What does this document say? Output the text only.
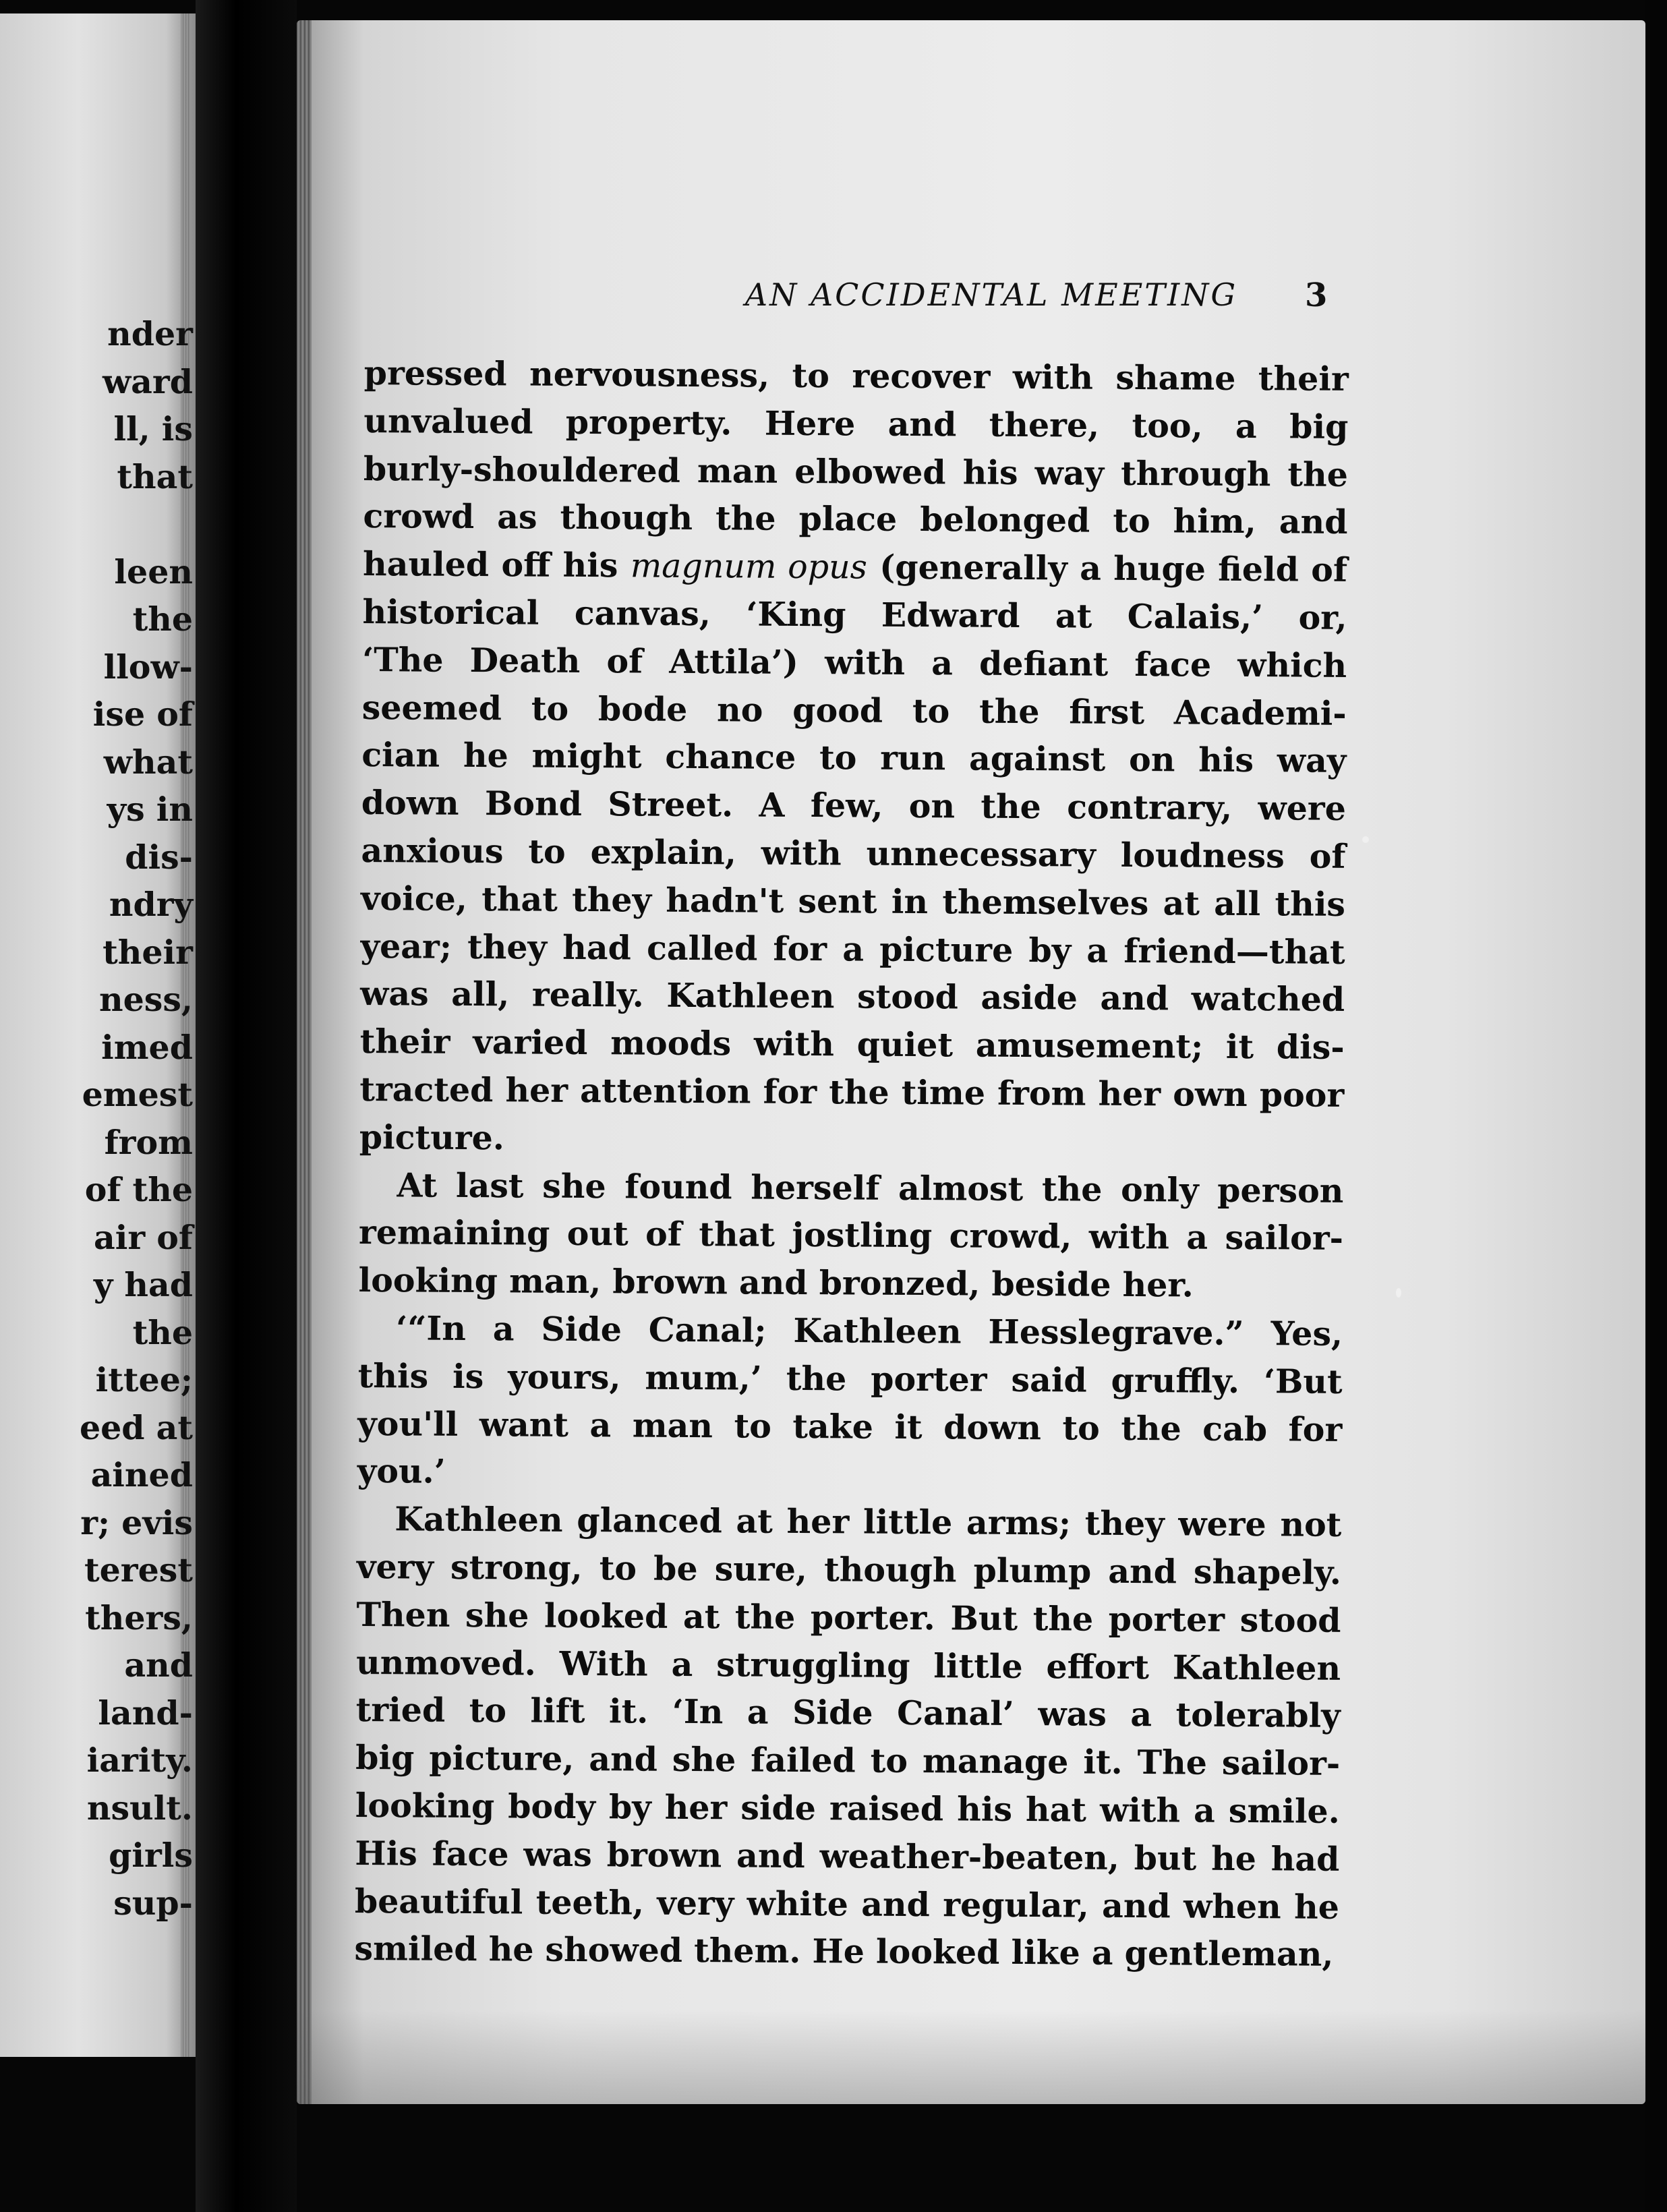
nder
ward
ll, is
that

leen
the
llow-
ise of
what
ys in
dis-
ndry
their
ness,
imed
emest
from
of the
air of
y had
the
ittee;
eed at
ained
r; evis
terest
thers,
and
land-
iarity.
nsult.
girls
sup-
AN ACCIDENTAL MEETING	3
pressed nervousness, to recover with shame their
unvalued property. Here and there, too, a big
burly-shouldered man elbowed his way through the
crowd as though the place belonged to him, and
hauled off his magnum opus (generally a huge field of
historical canvas, ‘King Edward at Calais,’ or,
‘The Death of Attila’) with a defiant face which
seemed to bode no good to the first Academi-
cian he might chance to run against on his way
down Bond Street. A few, on the contrary, were
anxious to explain, with unnecessary loudness of
voice, that they hadn't sent in themselves at all this
year; they had called for a picture by a friend—that
was all, really. Kathleen stood aside and watched
their varied moods with quiet amusement; it dis-
tracted her attention for the time from her own poor
picture.
At last she found herself almost the only person
remaining out of that jostling crowd, with a sailor-
looking man, brown and bronzed, beside her.
‘“In a Side Canal; Kathleen Hesslegrave.” Yes,
this is yours, mum,’ the porter said gruffly. ‘But
you'll want a man to take it down to the cab for
you.’
Kathleen glanced at her little arms; they were not
very strong, to be sure, though plump and shapely.
Then she looked at the porter. But the porter stood
unmoved. With a struggling little effort Kathleen
tried to lift it. ‘In a Side Canal’ was a tolerably
big picture, and she failed to manage it. The sailor-
looking body by her side raised his hat with a smile.
His face was brown and weather-beaten, but he had
beautiful teeth, very white and regular, and when he
smiled he showed them. He looked like a gentleman,
